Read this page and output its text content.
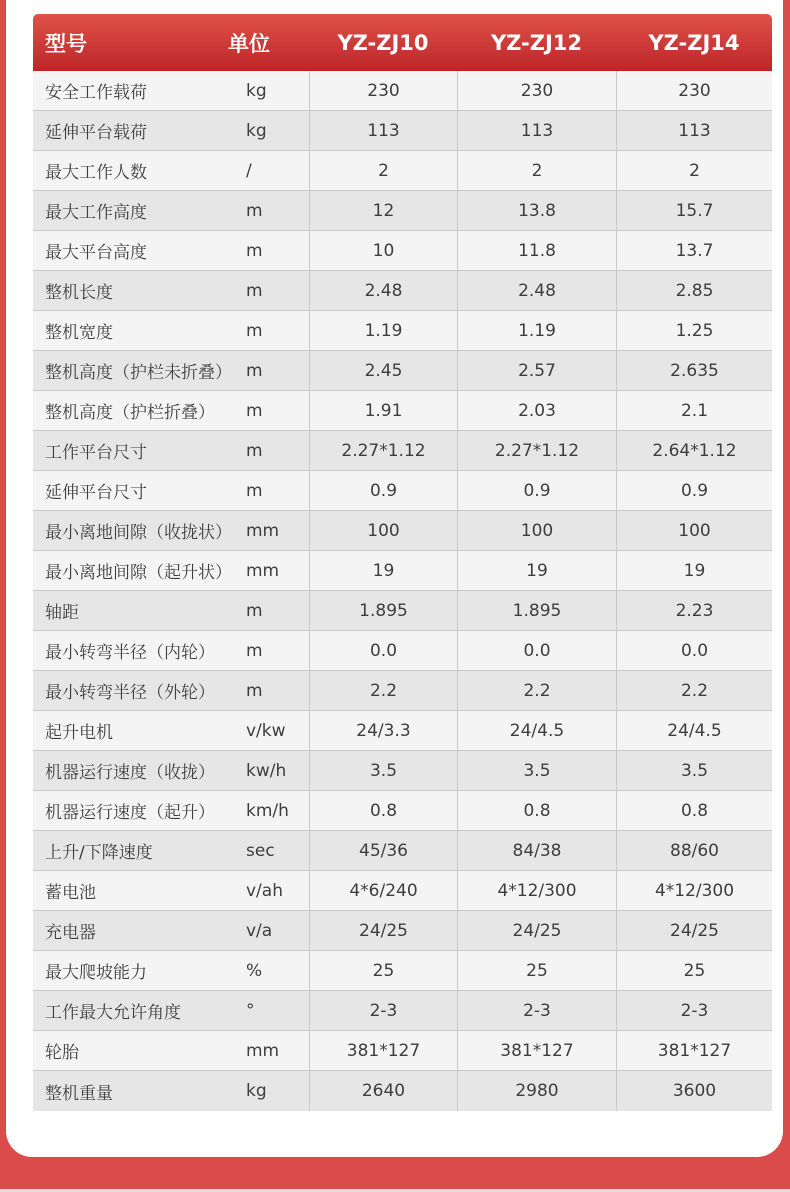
型号	单位	YZ-ZJ10	YZ-ZJ12	YZ-ZJ14
安全工作载荷	kg	230	230	230
延伸平台载荷	kg	113	113	113
最大工作人数	/	2	2	2
最大工作高度	m	12	13.8	15.7
最大平台高度	m	10	11.8	13.7
整机长度	m	2.48	2.48	2.85
整机宽度	m	1.19	1.19	1.25
整机高度（护栏未折叠） m	2.45	2.57	2.635
整机高度（护栏折叠）	m	1.91	2.03	2.1
工作平台尺寸	m	2.27*1.12	2.27*1.12	2.64*1.12
延伸平台尺寸	m	0.9	0.9	0.9
最小离地间隙（收拢状） mm	100	100	100
最小离地间隙（起升状） mm	19	19	19
轴距	m	1.895	1.895	2.23
最小转弯半径（内轮）	m	0.0	0.0	0.0
最小转弯半径（外轮）	m	2.2	2.2	2.2
起升电机	v/kw	24/3.3	24/4.5	24/4.5
机器运行速度（收拢）	kw/h	3.5	3.5	3.5
机器运行速度（起升）	km/h	0.8	0.8	0.8
上升/下降速度	sec	45/36	84/38	88/60
蓄电池	v/ah	4*6/240	4*12/300	4*12/300
充电器	v/a	24/25	24/25	24/25
最大爬坡能力	%	25	25	25
工作最大允许角度	°	2-3	2-3	2-3
轮胎	mm	381*127	381*127	381*127
整机重量	kg	2640	2980	3600
